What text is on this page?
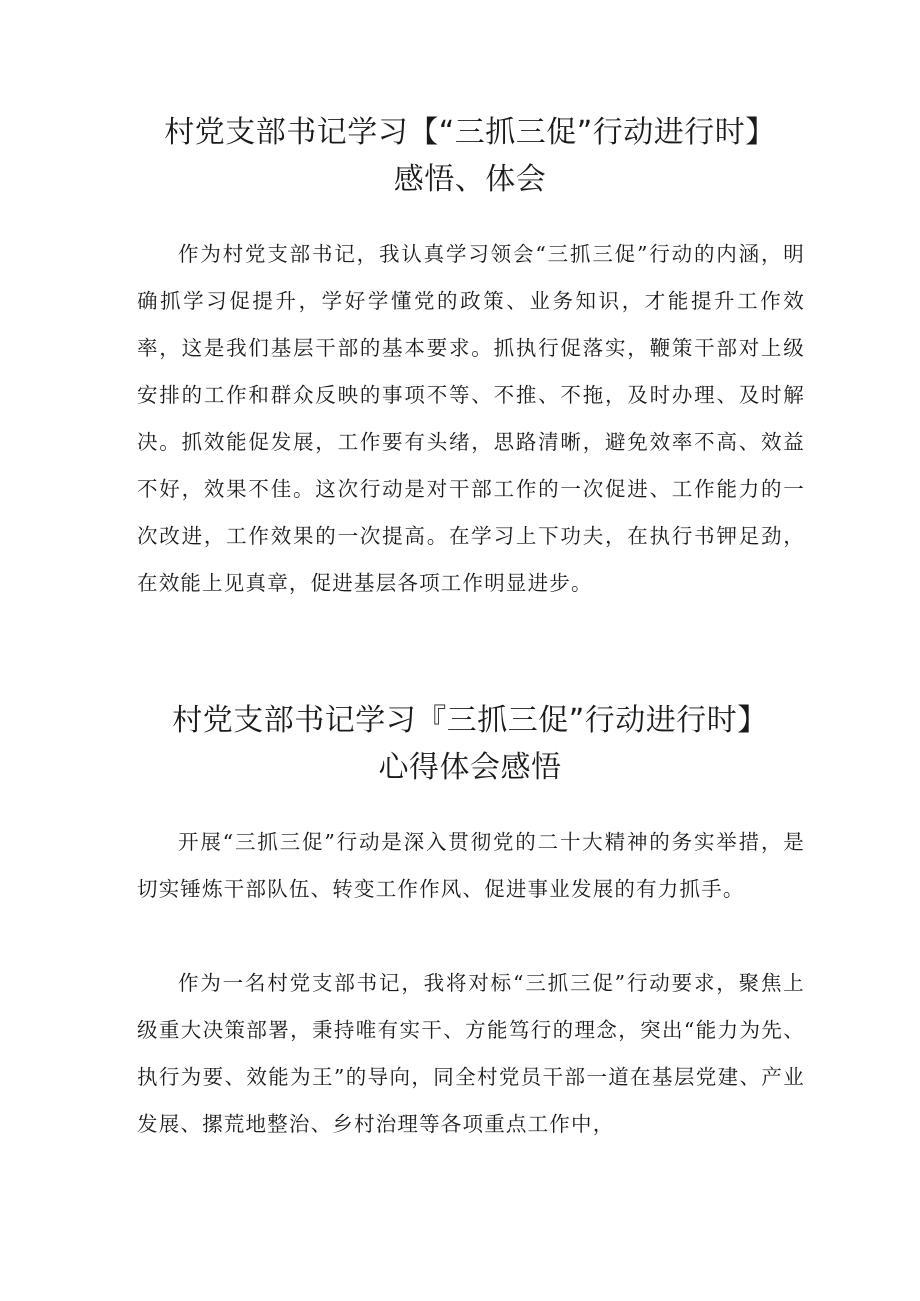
村党支部书记学习【“三抓三促”行动进行时】
感悟、体会

作为村党支部书记，我认真学习领会“三抓三促”行动的内涵，明确抓学习促提升，学好学懂党的政策、业务知识，才能提升工作效率，这是我们基层干部的基本要求。抓执行促落实，鞭策干部对上级安排的工作和群众反映的事项不等、不推、不拖，及时办理、及时解决。抓效能促发展，工作要有头绪，思路清晰，避免效率不高、效益不好，效果不佳。这次行动是对干部工作的一次促进、工作能力的一次改进，工作效果的一次提高。在学习上下功夫，在执行书钾足劲，在效能上见真章，促进基层各项工作明显进步。

村党支部书记学习『三抓三促”行动进行时】
心得体会感悟

开展“三抓三促”行动是深入贯彻党的二十大精神的务实举措，是切实锤炼干部队伍、转变工作作风、促进事业发展的有力抓手。

作为一名村党支部书记，我将对标“三抓三促”行动要求，聚焦上级重大决策部署，秉持唯有实干、方能笃行的理念，突出“能力为先、执行为要、效能为王”的导向，同全村党员干部一道在基层党建、产业发展、摞荒地整治、乡村治理等各项重点工作中，
